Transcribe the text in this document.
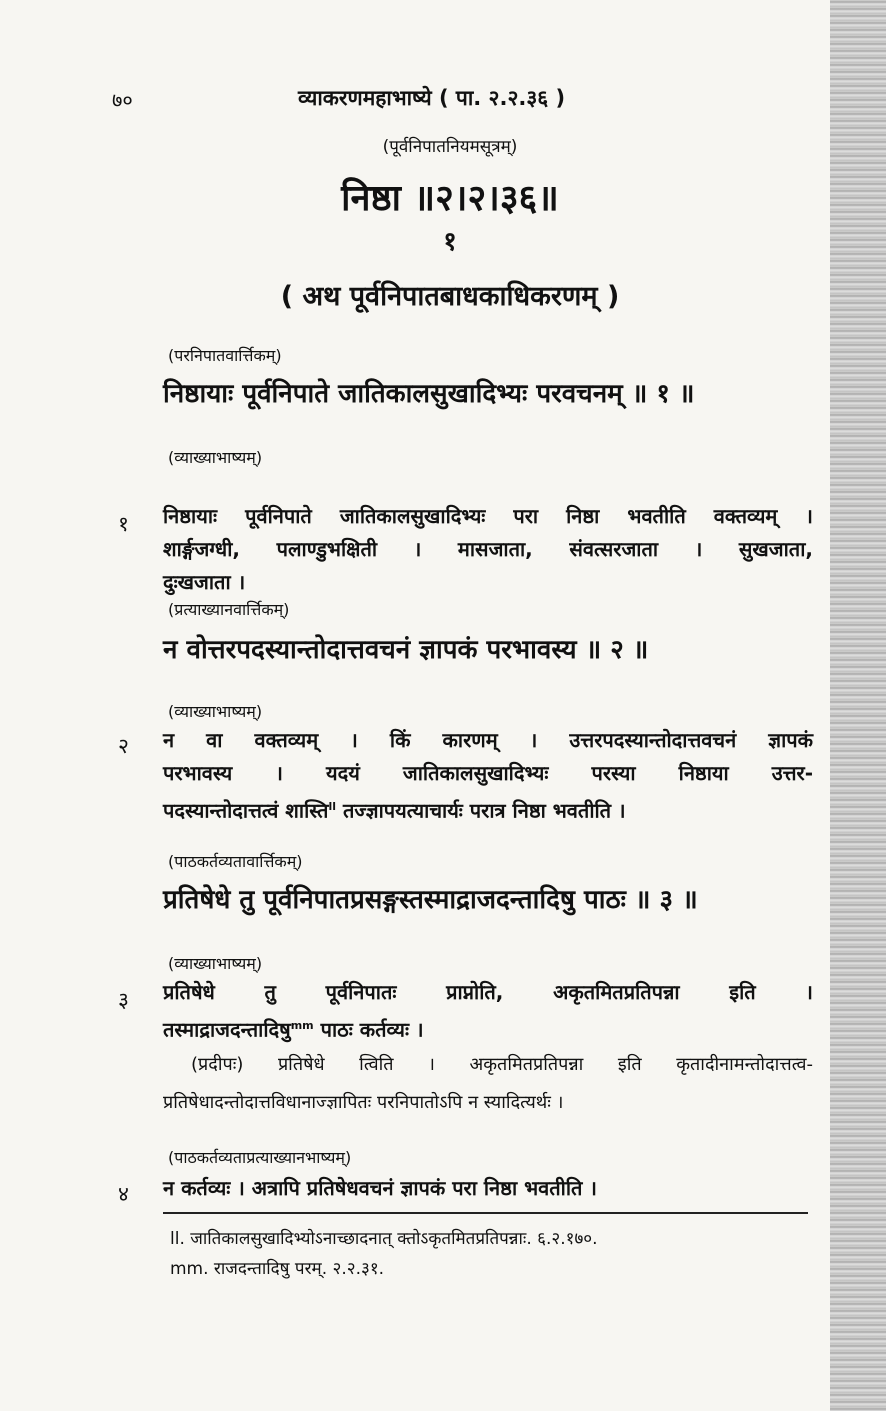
७०	व्याकरणमहाभाष्ये ( पा. २.२.३६ )
(पूर्वनिपातनियमसूत्रम्)
निष्ठा ॥२।२।३६॥
१
( अथ पूर्वनिपातबाधकाधिकरणम् )
(परनिपातवार्त्तिकम्)
निष्ठायाः पूर्वनिपाते जातिकालसुखादिभ्यः परवचनम् ॥ १ ॥
(व्याख्याभाष्यम्)
१ निष्ठायाः पूर्वनिपाते जातिकालसुखादिभ्यः परा निष्ठा भवतीति वक्तव्यम् ।
शार्ङ्गजग्धी, पलाण्डुभक्षिती । मासजाता, संवत्सरजाता । सुखजाता,
दुःखजाता ।
(प्रत्याख्यानवार्त्तिकम्)
न वोत्तरपदस्यान्तोदात्तवचनं ज्ञापकं परभावस्य ॥ २ ॥
(व्याख्याभाष्यम्)
२ न वा वक्तव्यम् । किं कारणम् । उत्तरपदस्यान्तोदात्तवचनं ज्ञापकं
परभावस्य । यदयं जातिकालसुखादिभ्यः परस्या निष्ठाया उत्तर-
पदस्यान्तोदात्तत्वं शास्ति$^{ll}$ तज्ज्ञापयत्याचार्यः परात्र निष्ठा भवतीति ।
(पाठकर्तव्यतावार्त्तिकम्)
प्रतिषेधे तु पूर्वनिपातप्रसङ्गस्तस्माद्राजदन्तादिषु पाठः ॥ ३ ॥
(व्याख्याभाष्यम्)
३ प्रतिषेधे तु पूर्वनिपातः प्राप्नोति, अकृतमितप्रतिपन्ना इति ।
तस्माद्राजदन्तादिषु$^{mm}$ पाठः कर्तव्यः ।
(प्रदीपः) प्रतिषेधे त्विति । अकृतमितप्रतिपन्ना इति कृतादीनामन्तोदात्तत्व-
प्रतिषेधादन्तोदात्तविधानाज्ज्ञापितः परनिपातोऽपि न स्यादित्यर्थः ।
(पाठकर्तव्यताप्रत्याख्यानभाष्यम्)
४ न कर्तव्यः । अत्रापि प्रतिषेधवचनं ज्ञापकं परा निष्ठा भवतीति ।
ll. जातिकालसुखादिभ्योऽनाच्छादनात् क्तोऽकृतमितप्रतिपन्नाः. ६.२.१७०.
mm. राजदन्तादिषु परम्. २.२.३१.
